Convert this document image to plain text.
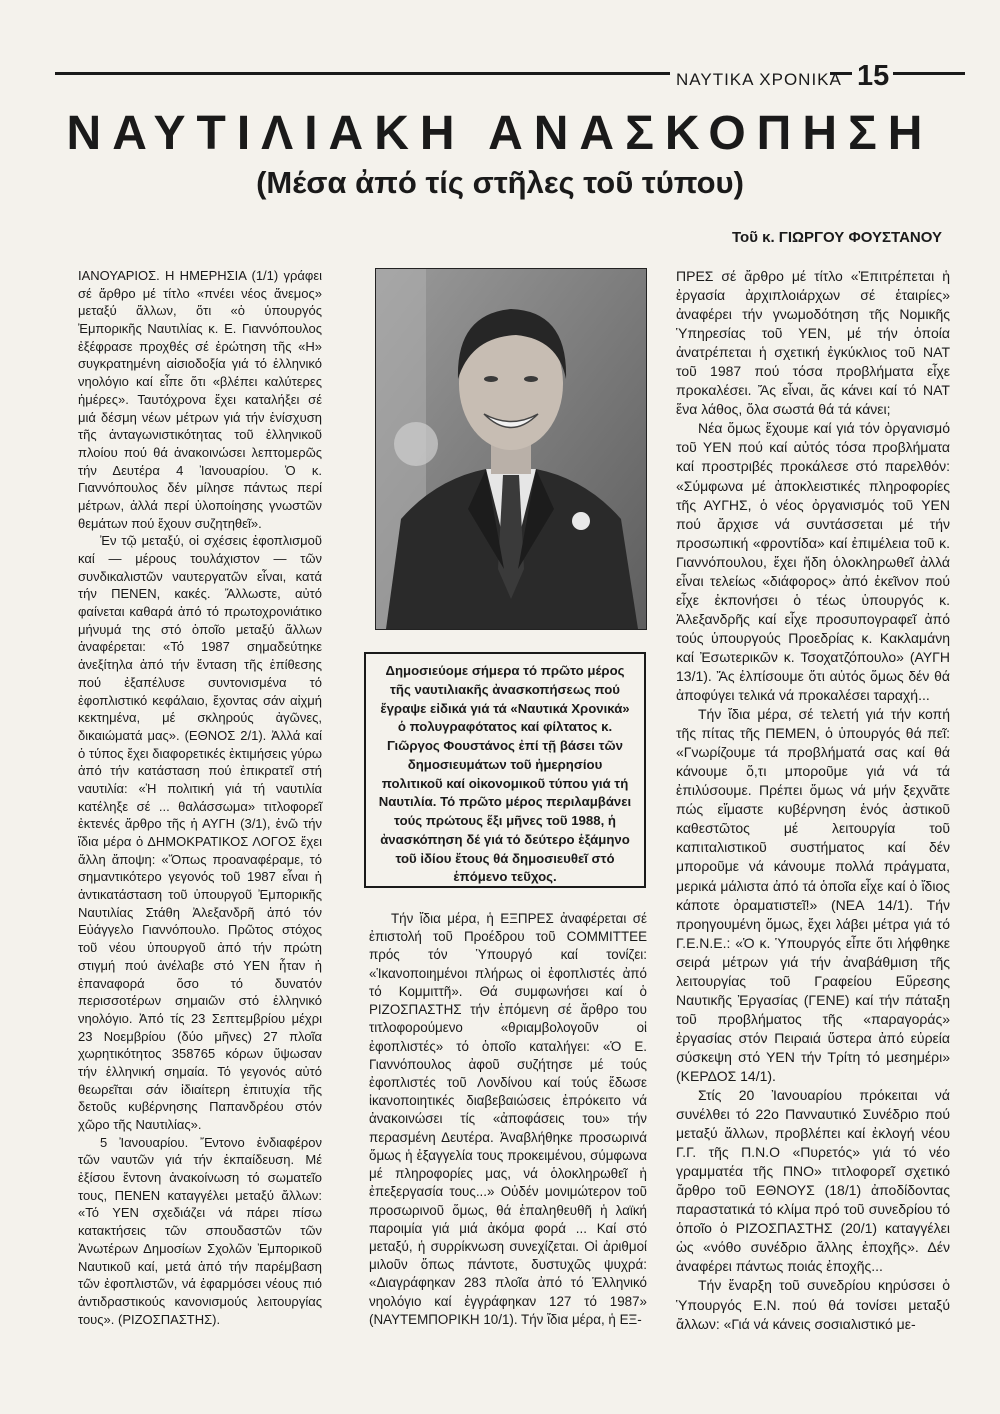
ΝΑΥΤΙΚΑ ΧΡΟΝΙΚΑ 15
ΝΑΥΤΙΛΙΑΚΗ ΑΝΑΣΚΟΠΗΣΗ
(Μέσα ἀπό τίς στῆλες τοῦ τύπου)
Τοῦ κ. ΓΙΩΡΓΟΥ ΦΟΥΣΤΑΝΟΥ

ΙΑΝΟΥΑΡΙΟΣ. Η ΗΜΕΡΗΣΙΑ (1/1) γράφει σέ ἄρθρο μέ τίτλο «πνέει νέος ἄνεμος» μεταξύ ἄλλων, ὅτι «ὁ ὑπουργός Ἐμπορικῆς Ναυτιλίας κ. Ε. Γιαννόπουλος ἐξέφρασε προχθές σέ ἐρώτηση τῆς «Η» συγκρατημένη αἰσιοδοξία γιά τό ἑλληνικό νηολόγιο καί εἶπε ὅτι «βλέπει καλύτερες ἡμέρες». Ταυτόχρονα ἔχει καταλήξει σέ μιά δέσμη νέων μέτρων γιά τήν ἐνίσχυση τῆς ἀνταγωνιστικότητας τοῦ ἑλληνικοῦ πλοίου πού θά ἀνακοινώσει λεπτομερῶς τήν Δευτέρα 4 Ἰανουαρίου. Ὁ κ. Γιαννόπουλος δέν μίλησε πάντως περί μέτρων, ἀλλά περί ὑλοποίησης γνωστῶν θεμάτων πού ἔχουν συζητηθεῖ».

Ἐν τῷ μεταξύ, οἱ σχέσεις ἐφοπλισμοῦ καί — μέρους τουλάχιστον — τῶν συνδικαλιστῶν ναυτεργατῶν εἶναι, κατά τήν ΠΕΝΕΝ, κακές. Ἄλλωστε, αὐτό φαίνεται καθαρά ἀπό τό πρωτοχρονιάτικο μήνυμά της στό ὁποῖο μεταξύ ἄλλων ἀναφέρεται: «Τό 1987 σημαδεύτηκε ἀνεξίτηλα ἀπό τήν ἔνταση τῆς ἐπίθεσης πού ἐξαπέλυσε συντονισμένα τό ἐφοπλιστικό κεφάλαιο, ἔχοντας σάν αἰχμή κεκτημένα, μέ σκληρούς ἀγῶνες, δικαιώματά μας». (ΕΘΝΟΣ 2/1). Ἀλλά καί ὁ τύπος ἔχει διαφορετικές ἐκτιμήσεις γύρω ἀπό τήν κατάσταση πού ἐπικρατεῖ στή ναυτιλία: «Ἡ πολιτική γιά τή ναυτιλία κατέληξε σέ ... θαλάσσωμα» τιτλοφορεῖ ἐκτενές ἄρθρο τῆς ἡ ΑΥΓΗ (3/1), ἐνῶ τήν ἴδια μέρα ὁ ΔΗΜΟΚΡΑΤΙΚΟΣ ΛΟΓΟΣ ἔχει ἄλλη ἄποψη: «Ὅπως προαναφέραμε, τό σημαντικότερο γεγονός τοῦ 1987 εἶναι ἡ ἀντικατάσταση τοῦ ὑπουργοῦ Ἐμπορικῆς Ναυτιλίας Στάθη Ἀλεξανδρῆ ἀπό τόν Εὐάγγελο Γιαννόπουλο. Πρῶτος στόχος τοῦ νέου ὑπουργοῦ ἀπό τήν πρώτη στιγμή πού ἀνέλαβε στό ΥΕΝ ἦταν ἡ ἐπαναφορά ὅσο τό δυνατόν περισσοτέρων σημαιῶν στό ἑλληνικό νηολόγιο. Ἀπό τίς 23 Σεπτεμβρίου μέχρι 23 Νοεμβρίου (δύο μῆνες) 27 πλοῖα χωρητικότητος 358765 κόρων ὕψωσαν τήν ἑλληνική σημαία. Τό γεγονός αὐτό θεωρεῖται σάν ἰδιαίτερη ἐπιτυχία τῆς δετοῦς κυβέρνησης Παπανδρέου στόν χῶρο τῆς Ναυτιλίας».

5 Ἰανουαρίου. Ἔντονο ἐνδιαφέρον τῶν ναυτῶν γιά τήν ἐκπαίδευση. Μέ ἐξίσου ἔντονη ἀνακοίνωση τό σωματεῖο τους, ΠΕΝΕΝ καταγγέλει μεταξύ ἄλλων: «Τό ΥΕΝ σχεδιάζει νά πάρει πίσω κατακτήσεις τῶν σπουδαστῶν τῶν Ἀνωτέρων Δημοσίων Σχολῶν Ἐμπορικοῦ Ναυτικοῦ καί, μετά ἀπό τήν παρέμβαση τῶν ἐφοπλιστῶν, νά ἐφαρμόσει νέους πιό ἀντιδραστικούς κανονισμούς λειτουργίας τους». (ΡΙΖΟΣΠΑΣΤΗΣ).

Δημοσιεύομε σήμερα τό πρῶτο μέρος τῆς ναυτιλιακῆς ἀνασκοπήσεως πού ἔγραψε εἰδικά γιά τά «Ναυτικά Χρονικά» ὁ πολυγραφότατος καί φίλτατος κ. Γιῶργος Φουστάνος ἐπί τῇ βάσει τῶν δημοσιευμάτων τοῦ ἡμερησίου πολιτικοῦ καί οἰκονομικοῦ τύπου γιά τή Ναυτιλία. Τό πρῶτο μέρος περιλαμβάνει τούς πρώτους ἕξι μῆνες τοῦ 1988, ἡ ἀνασκόπηση δέ γιά τό δεύτερο ἑξάμηνο τοῦ ἰδίου ἔτους θά δημοσιευθεῖ στό ἑπόμενο τεῦχος.

Τήν ἴδια μέρα, ἡ ΕΞΠΡΕΣ ἀναφέρεται σέ ἐπιστολή τοῦ Προέδρου τοῦ COMMITTEE πρός τόν Ὑπουργό καί τονίζει: «Ἱκανοποιημένοι πλήρως οἱ ἐφοπλιστές ἀπό τό Κομμιττῆ». Θά συμφωνήσει καί ὁ ΡΙΖΟΣΠΑΣΤΗΣ τήν ἑπόμενη σέ ἄρθρο του τιτλοφορούμενο «θριαμβολογοῦν οἱ ἐφοπλιστές» τό ὁποῖο καταλήγει: «Ὁ Ε. Γιαννόπουλος ἀφοῦ συζήτησε μέ τούς ἐφοπλιστές τοῦ Λονδίνου καί τούς ἔδωσε ἱκανοποιητικές διαβεβαιώσεις ἐπρόκειτο νά ἀνακοινώσει τίς «ἀποφάσεις του» τήν περασμένη Δευτέρα. Ἀναβλήθηκε προσωρινά ὅμως ἡ ἐξαγγελία τους προκειμένου, σύμφωνα μέ πληροφορίες μας, νά ὁλοκληρωθεῖ ἡ ἐπεξεργασία τους...» Οὐδέν μονιμώτερον τοῦ προσωρινοῦ ὅμως, θά ἐπαληθευθῆ ἡ λαϊκή παροιμία γιά μιά ἀκόμα φορά ... Καί στό μεταξύ, ἡ συρρίκνωση συνεχίζεται. Οἱ ἀριθμοί μιλοῦν ὅπως πάντοτε, δυστυχῶς ψυχρά: «Διαγράφηκαν 283 πλοῖα ἀπό τό Ἑλληνικό νηολόγιο καί ἐγγράφηκαν 127 τό 1987» (ΝΑΥΤΕΜΠΟΡΙΚΗ 10/1). Τήν ἴδια μέρα, ἡ ΕΞ-

ΠΡΕΣ σέ ἄρθρο μέ τίτλο «Ἐπιτρέπεται ἡ ἐργασία ἀρχιπλοιάρχων σέ ἑταιρίες» ἀναφέρει τήν γνωμοδότηση τῆς Νομικῆς Ὑπηρεσίας τοῦ ΥΕΝ, μέ τήν ὁποία ἀνατρέπεται ἡ σχετική ἐγκύκλιος τοῦ ΝΑΤ τοῦ 1987 πού τόσα προβλήματα εἶχε προκαλέσει. Ἄς εἶναι, ἄς κάνει καί τό ΝΑΤ ἕνα λάθος, ὅλα σωστά θά τά κάνει;

Νέα ὅμως ἔχουμε καί γιά τόν ὀργανισμό τοῦ ΥΕΝ πού καί αὐτός τόσα προβλήματα καί προστριβές προκάλεσε στό παρελθόν: «Σύμφωνα μέ ἀποκλειστικές πληροφορίες τῆς ΑΥΓΗΣ, ὁ νέος ὀργανισμός τοῦ ΥΕΝ πού ἄρχισε νά συντάσσεται μέ τήν προσωπική «φροντίδα» καί ἐπιμέλεια τοῦ κ. Γιαννόπουλου, ἔχει ἤδη ὁλοκληρωθεῖ ἀλλά εἶναι τελείως «διάφορος» ἀπό ἐκεῖνον πού εἶχε ἐκπονήσει ὁ τέως ὑπουργός κ. Ἀλεξανδρῆς καί εἶχε προσυπογραφεῖ ἀπό τούς ὑπουργούς Προεδρίας κ. Κακλαμάνη καί Ἐσωτερικῶν κ. Τσοχατζόπουλο» (ΑΥΓΗ 13/1). Ἄς ἐλπίσουμε ὅτι αὐτός ὅμως δέν θά ἀποφύγει τελικά νά προκαλέσει ταραχή...

Τήν ἴδια μέρα, σέ τελετή γιά τήν κοπή τῆς πίτας τῆς ΠΕΜΕΝ, ὁ ὑπουργός θά πεῖ: «Γνωρίζουμε τά προβλήματά σας καί θά κάνουμε ὅ,τι μποροῦμε γιά νά τά ἐπιλύσουμε. Πρέπει ὅμως νά μήν ξεχνᾶτε πώς εἴμαστε κυβέρνηση ἑνός ἀστικοῦ καθεστῶτος μέ λειτουργία τοῦ καπιταλιστικοῦ συστήματος καί δέν μποροῦμε νά κάνουμε πολλά πράγματα, μερικά μάλιστα ἀπό τά ὁποῖα εἶχε καί ὁ ἴδιος κάποτε ὁραματιστεῖ!» (ΝΕΑ 14/1). Τήν προηγουμένη ὅμως, ἔχει λάβει μέτρα γιά τό Γ.Ε.Ν.Ε.: «Ὁ κ. Ὑπουργός εἶπε ὅτι λήφθηκε σειρά μέτρων γιά τήν ἀναβάθμιση τῆς λειτουργίας τοῦ Γραφείου Εὕρεσης Ναυτικῆς Ἐργασίας (ΓΕΝΕ) καί τήν πάταξη τοῦ προβλήματος τῆς «παραγοράς» ἐργασίας στόν Πειραιά ὕστερα ἀπό εὐρεία σύσκεψη στό ΥΕΝ τήν Τρίτη τό μεσημέρι» (ΚΕΡΔΟΣ 14/1).

Στίς 20 Ἰανουαρίου πρόκειται νά συνέλθει τό 22ο Πανναυτικό Συνέδριο πού μεταξύ ἄλλων, προβλέπει καί ἐκλογή νέου Γ.Γ. τῆς Π.Ν.Ο «Πυρετός» γιά τό νέο γραμματέα τῆς ΠΝΟ» τιτλοφορεῖ σχετικό ἄρθρο τοῦ ΕΘΝΟΥΣ (18/1) ἀποδίδοντας παραστατικά τό κλίμα πρό τοῦ συνεδρίου τό ὁποῖο ὁ ΡΙΖΟΣΠΑΣΤΗΣ (20/1) καταγγέλει ὡς «νόθο συνέδριο ἄλλης ἐποχῆς». Δέν ἀναφέρει πάντως ποιάς ἐποχῆς...

Τήν ἔναρξη τοῦ συνεδρίου κηρύσσει ὁ Ὑπουργός Ε.Ν. πού θά τονίσει μεταξύ ἄλλων: «Γιά νά κάνεις σοσιαλιστικό με-
